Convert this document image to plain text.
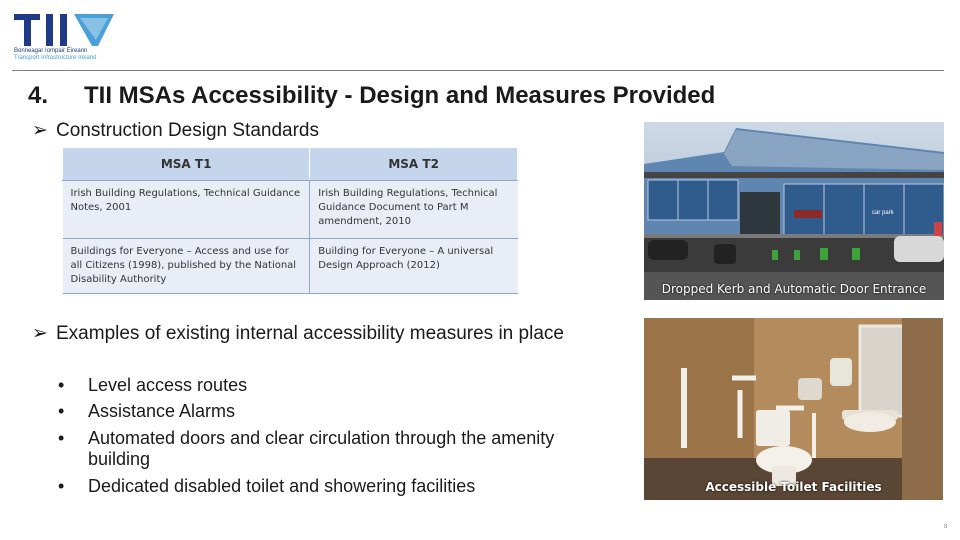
Bonneagar Iompair Éireann
Transport Infrastructure Ireland
4. TII MSAs Accessibility - Design and Measures Provided
➢ Construction Design Standards
MSA T1	MSA T2
Irish Building Regulations, Technical Guidance Notes, 2001	Irish Building Regulations, Technical Guidance Document to Part M amendment, 2010
Buildings for Everyone – Access and use for all Citizens (1998), published by the National Disability Authority	Building for Everyone – A universal Design Approach (2012)
➢ Examples of existing internal accessibility measures in place
• Level access routes
• Assistance Alarms
• Automated doors and clear circulation through the amenity building
• Dedicated disabled toilet and showering facilities
car park
Dropped Kerb and Automatic Door Entrance
Accessible Toilet Facilities
8
